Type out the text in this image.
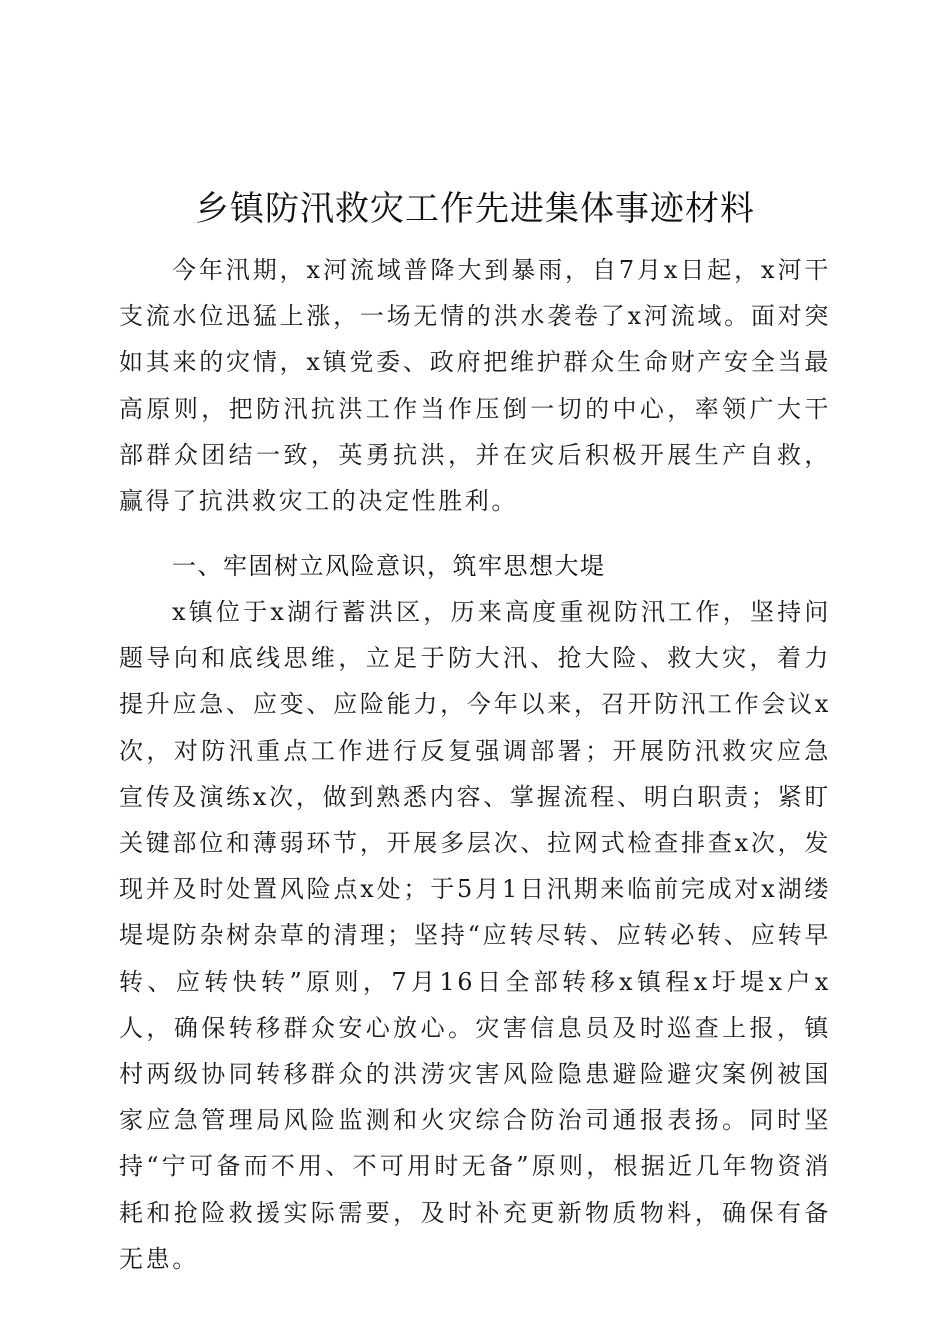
乡镇防汛救灾工作先进集体事迹材料

今年汛期，x河流域普降大到暴雨，自7月x日起，x河干支流水位迅猛上涨，一场无情的洪水袭卷了x河流域。面对突如其来的灾情，x镇党委、政府把维护群众生命财产安全当最高原则，把防汛抗洪工作当作压倒一切的中心，率领广大干部群众团结一致，英勇抗洪，并在灾后积极开展生产自救，赢得了抗洪救灾工的决定性胜利。

一、牢固树立风险意识，筑牢思想大堤

x镇位于x湖行蓄洪区，历来高度重视防汛工作，坚持问题导向和底线思维，立足于防大汛、抢大险、救大灾，着力提升应急、应变、应险能力，今年以来，召开防汛工作会议x次，对防汛重点工作进行反复强调部署；开展防汛救灾应急宣传及演练x次，做到熟悉内容、掌握流程、明白职责；紧盯关键部位和薄弱环节，开展多层次、拉网式检查排查x次，发现并及时处置风险点x处；于5月1日汛期来临前完成对x湖缕堤堤防杂树杂草的清理；坚持“应转尽转、应转必转、应转早转、应转快转”原则，7月16日全部转移x镇程x圩堤x户x人，确保转移群众安心放心。灾害信息员及时巡查上报，镇村两级协同转移群众的洪涝灾害风险隐患避险避灾案例被国家应急管理局风险监测和火灾综合防治司通报表扬。同时坚持“宁可备而不用、不可用时无备”原则，根据近几年物资消耗和抢险救援实际需要，及时补充更新物质物料，确保有备无患。
